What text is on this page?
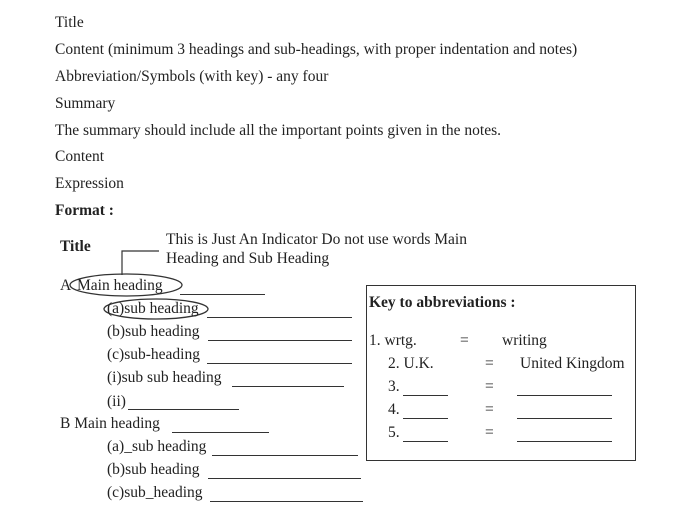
Title
Content (minimum 3 headings and sub-headings, with proper indentation and notes)
Abbreviation/Symbols (with key) - any four
Summary
The summary should include all the important points given in the notes.
Content
Expression
Format :
Title	This is Just An Indicator Do not use words Main
Heading and Sub Heading
A Main heading
(a)sub heading
(b)sub heading
(c)sub-heading
(i)sub sub heading
(ii)
B Main heading
(a)_sub heading
(b)sub heading
(c)sub_heading
Key to abbreviations :
1. wrtg.	= writing
2. U.K.	= United Kingdom
3.	=
4.	=
5.	=
